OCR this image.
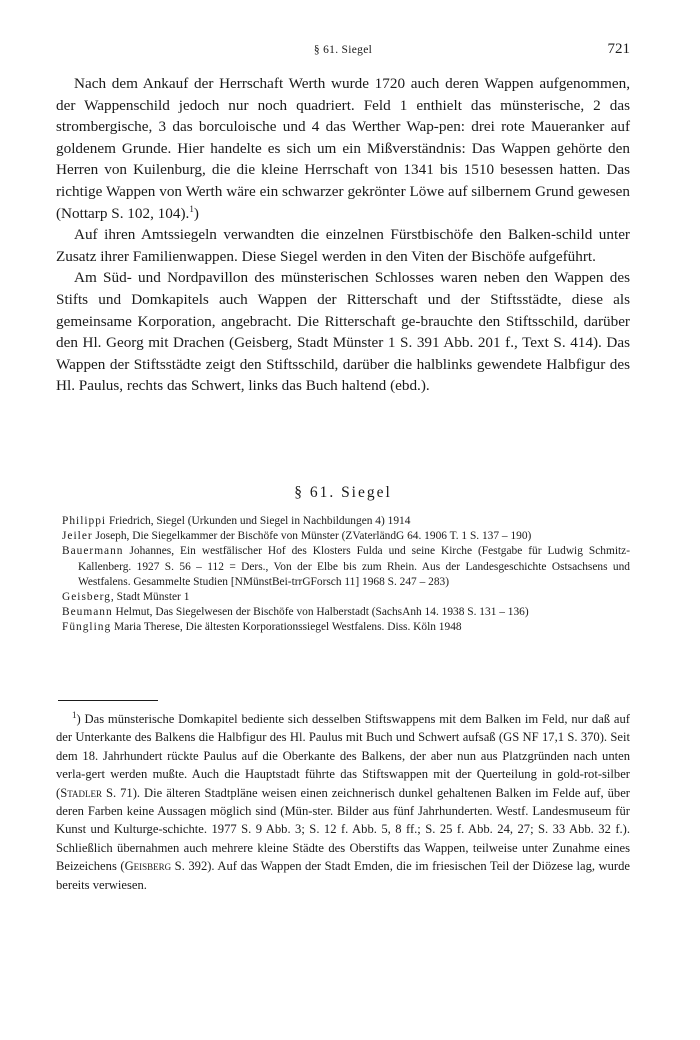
§ 61. Siegel	721

Nach dem Ankauf der Herrschaft Werth wurde 1720 auch deren Wappen aufgenommen, der Wappenschild jedoch nur noch quadriert. Feld 1 enthielt das münsterische, 2 das strombergische, 3 das borculoische und 4 das Werther Wap-pen: drei rote Maueranker auf goldenem Grunde. Hier handelte es sich um ein Mißverständnis: Das Wappen gehörte den Herren von Kuilenburg, die die kleine Herrschaft von 1341 bis 1510 besessen hatten. Das richtige Wappen von Werth wäre ein schwarzer gekrönter Löwe auf silbernem Grund gewesen (Nottarp S. 102, 104).$^1$)

Auf ihren Amtssiegeln verwandten die einzelnen Fürstbischöfe den Balken-schild unter Zusatz ihrer Familienwappen. Diese Siegel werden in den Viten der Bischöfe aufgeführt.

Am Süd- und Nordpavillon des münsterischen Schlosses waren neben den Wappen des Stifts und Domkapitels auch Wappen der Ritterschaft und der Stiftsstädte, diese als gemeinsame Korporation, angebracht. Die Ritterschaft ge-brauchte den Stiftsschild, darüber den Hl. Georg mit Drachen (Geisberg, Stadt Münster 1 S. 391 Abb. 201 f., Text S. 414). Das Wappen der Stiftsstädte zeigt den Stiftsschild, darüber die halblinks gewendete Halbfigur des Hl. Paulus, rechts das Schwert, links das Buch haltend (ebd.).

§ 61. Siegel
Philippi Friedrich, Siegel (Urkunden und Siegel in Nachbildungen 4) 1914
Jeiler Joseph, Die Siegelkammer der Bischöfe von Münster (ZVaterländG 64. 1906 T. 1 S. 137 – 190)
Bauermann Johannes, Ein westfälischer Hof des Klosters Fulda und seine Kirche (Festgabe für Ludwig Schmitz-Kallenberg. 1927 S. 56 – 112 = Ders., Von der Elbe bis zum Rhein. Aus der Landesgeschichte Ostsachsens und Westfalens. Gesammelte Studien [NMünstBei-trrGForsch 11] 1968 S. 247 – 283)
Geisberg, Stadt Münster 1
Beumann Helmut, Das Siegelwesen der Bischöfe von Halberstadt (SachsAnh 14. 1938 S. 131 – 136)
Füngling Maria Therese, Die ältesten Korporationssiegel Westfalens. Diss. Köln 1948

$^1$) Das münsterische Domkapitel bediente sich desselben Stiftswappens mit dem Balken im Feld, nur daß auf der Unterkante des Balkens die Halbfigur des Hl. Paulus mit Buch und Schwert aufsaß (GS NF 17,1 S. 370). Seit dem 18. Jahrhundert rückte Paulus auf die Oberkante des Balkens, der aber nun aus Platzgründen nach unten verla-gert werden mußte. Auch die Hauptstadt führte das Stiftswappen mit der Querteilung in gold-rot-silber (Stadler S. 71). Die älteren Stadtpläne weisen einen zeichnerisch dunkel gehaltenen Balken im Felde auf, über deren Farben keine Aussagen möglich sind (Mün-ster. Bilder aus fünf Jahrhunderten. Westf. Landesmuseum für Kunst und Kulturge-schichte. 1977 S. 9 Abb. 3; S. 12 f. Abb. 5, 8 ff.; S. 25 f. Abb. 24, 27; S. 33 Abb. 32 f.). Schließlich übernahmen auch mehrere kleine Städte des Oberstifts das Wappen, teilweise unter Zunahme eines Beizeichens (Geisberg S. 392). Auf das Wappen der Stadt Emden, die im friesischen Teil der Diözese lag, wurde bereits verwiesen.
